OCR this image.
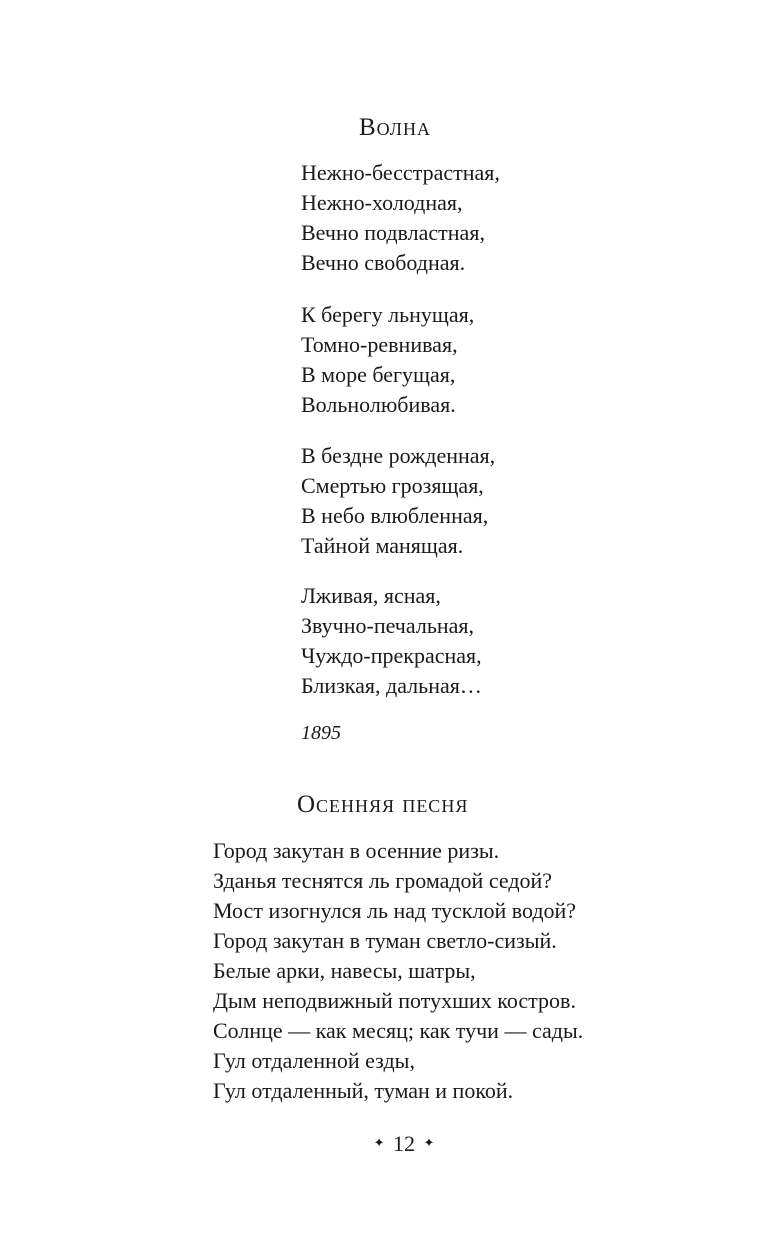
Волна
Нежно-бесстрастная,
Нежно-холодная,
Вечно подвластная,
Вечно свободная.
К берегу льнущая,
Томно-ревнивая,
В море бегущая,
Вольнолюбивая.
В бездне рожденная,
Смертью грозящая,
В небо влюбленная,
Тайной манящая.
Лживая, ясная,
Звучно-печальная,
Чуждо-прекрасная,
Близкая, дальная…
1895
Осенняя песня
Город закутан в осенние ризы.
Зданья теснятся ль громадой седой?
Мост изогнулся ль над тусклой водой?
Город закутан в туман светло-сизый.
Белые арки, навесы, шатры,
Дым неподвижный потухших костров.
Солнце — как месяц; как тучи — сады.
Гул отдаленной езды,
Гул отдаленный, туман и покой.
✦ 12 ✦
